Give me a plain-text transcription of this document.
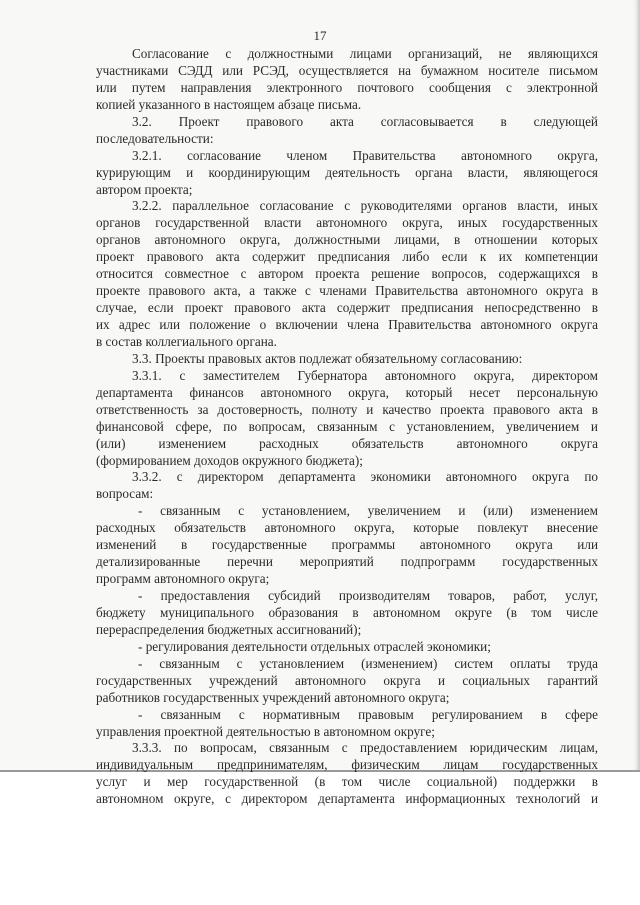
17
Согласование с должностными лицами организаций, не являющихся
участниками СЭДД или РСЭД, осуществляется на бумажном носителе письмом
или путем направления электронного почтового сообщения с электронной
копией указанного в настоящем абзаце письма.
3.2. Проект правового акта согласовывается в следующей
последовательности:
3.2.1. согласование членом Правительства автономного округа,
курирующим и координирующим деятельность органа власти, являющегося
автором проекта;
3.2.2. параллельное согласование с руководителями органов власти, иных
органов государственной власти автономного округа, иных государственных
органов автономного округа, должностными лицами, в отношении которых
проект правового акта содержит предписания либо если к их компетенции
относится совместное с автором проекта решение вопросов, содержащихся в
проекте правового акта, а также с членами Правительства автономного округа в
случае, если проект правового акта содержит предписания непосредственно в
их адрес или положение о включении члена Правительства автономного округа
в состав коллегиального органа.
3.3. Проекты правовых актов подлежат обязательному согласованию:
3.3.1. с заместителем Губернатора автономного округа, директором
департамента финансов автономного округа, который несет персональную
ответственность за достоверность, полноту и качество проекта правового акта в
финансовой сфере, по вопросам, связанным с установлением, увеличением и
(или) изменением расходных обязательств автономного округа
(формированием доходов окружного бюджета);
3.3.2. с директором департамента экономики автономного округа по
вопросам:
- связанным с установлением, увеличением и (или) изменением
расходных обязательств автономного округа, которые повлекут внесение
изменений в государственные программы автономного округа или
детализированные перечни мероприятий подпрограмм государственных
программ автономного округа;
- предоставления субсидий производителям товаров, работ, услуг,
бюджету муниципального образования в автономном округе (в том числе
перераспределения бюджетных ассигнований);
- регулирования деятельности отдельных отраслей экономики;
- связанным с установлением (изменением) систем оплаты труда
государственных учреждений автономного округа и социальных гарантий
работников государственных учреждений автономного округа;
- связанным с нормативным правовым регулированием в сфере
управления проектной деятельностью в автономном округе;
3.3.3. по вопросам, связанным с предоставлением юридическим лицам,
индивидуальным предпринимателям, физическим лицам государственных
услуг и мер государственной (в том числе социальной) поддержки в
автономном округе, с директором департамента информационных технологий и
